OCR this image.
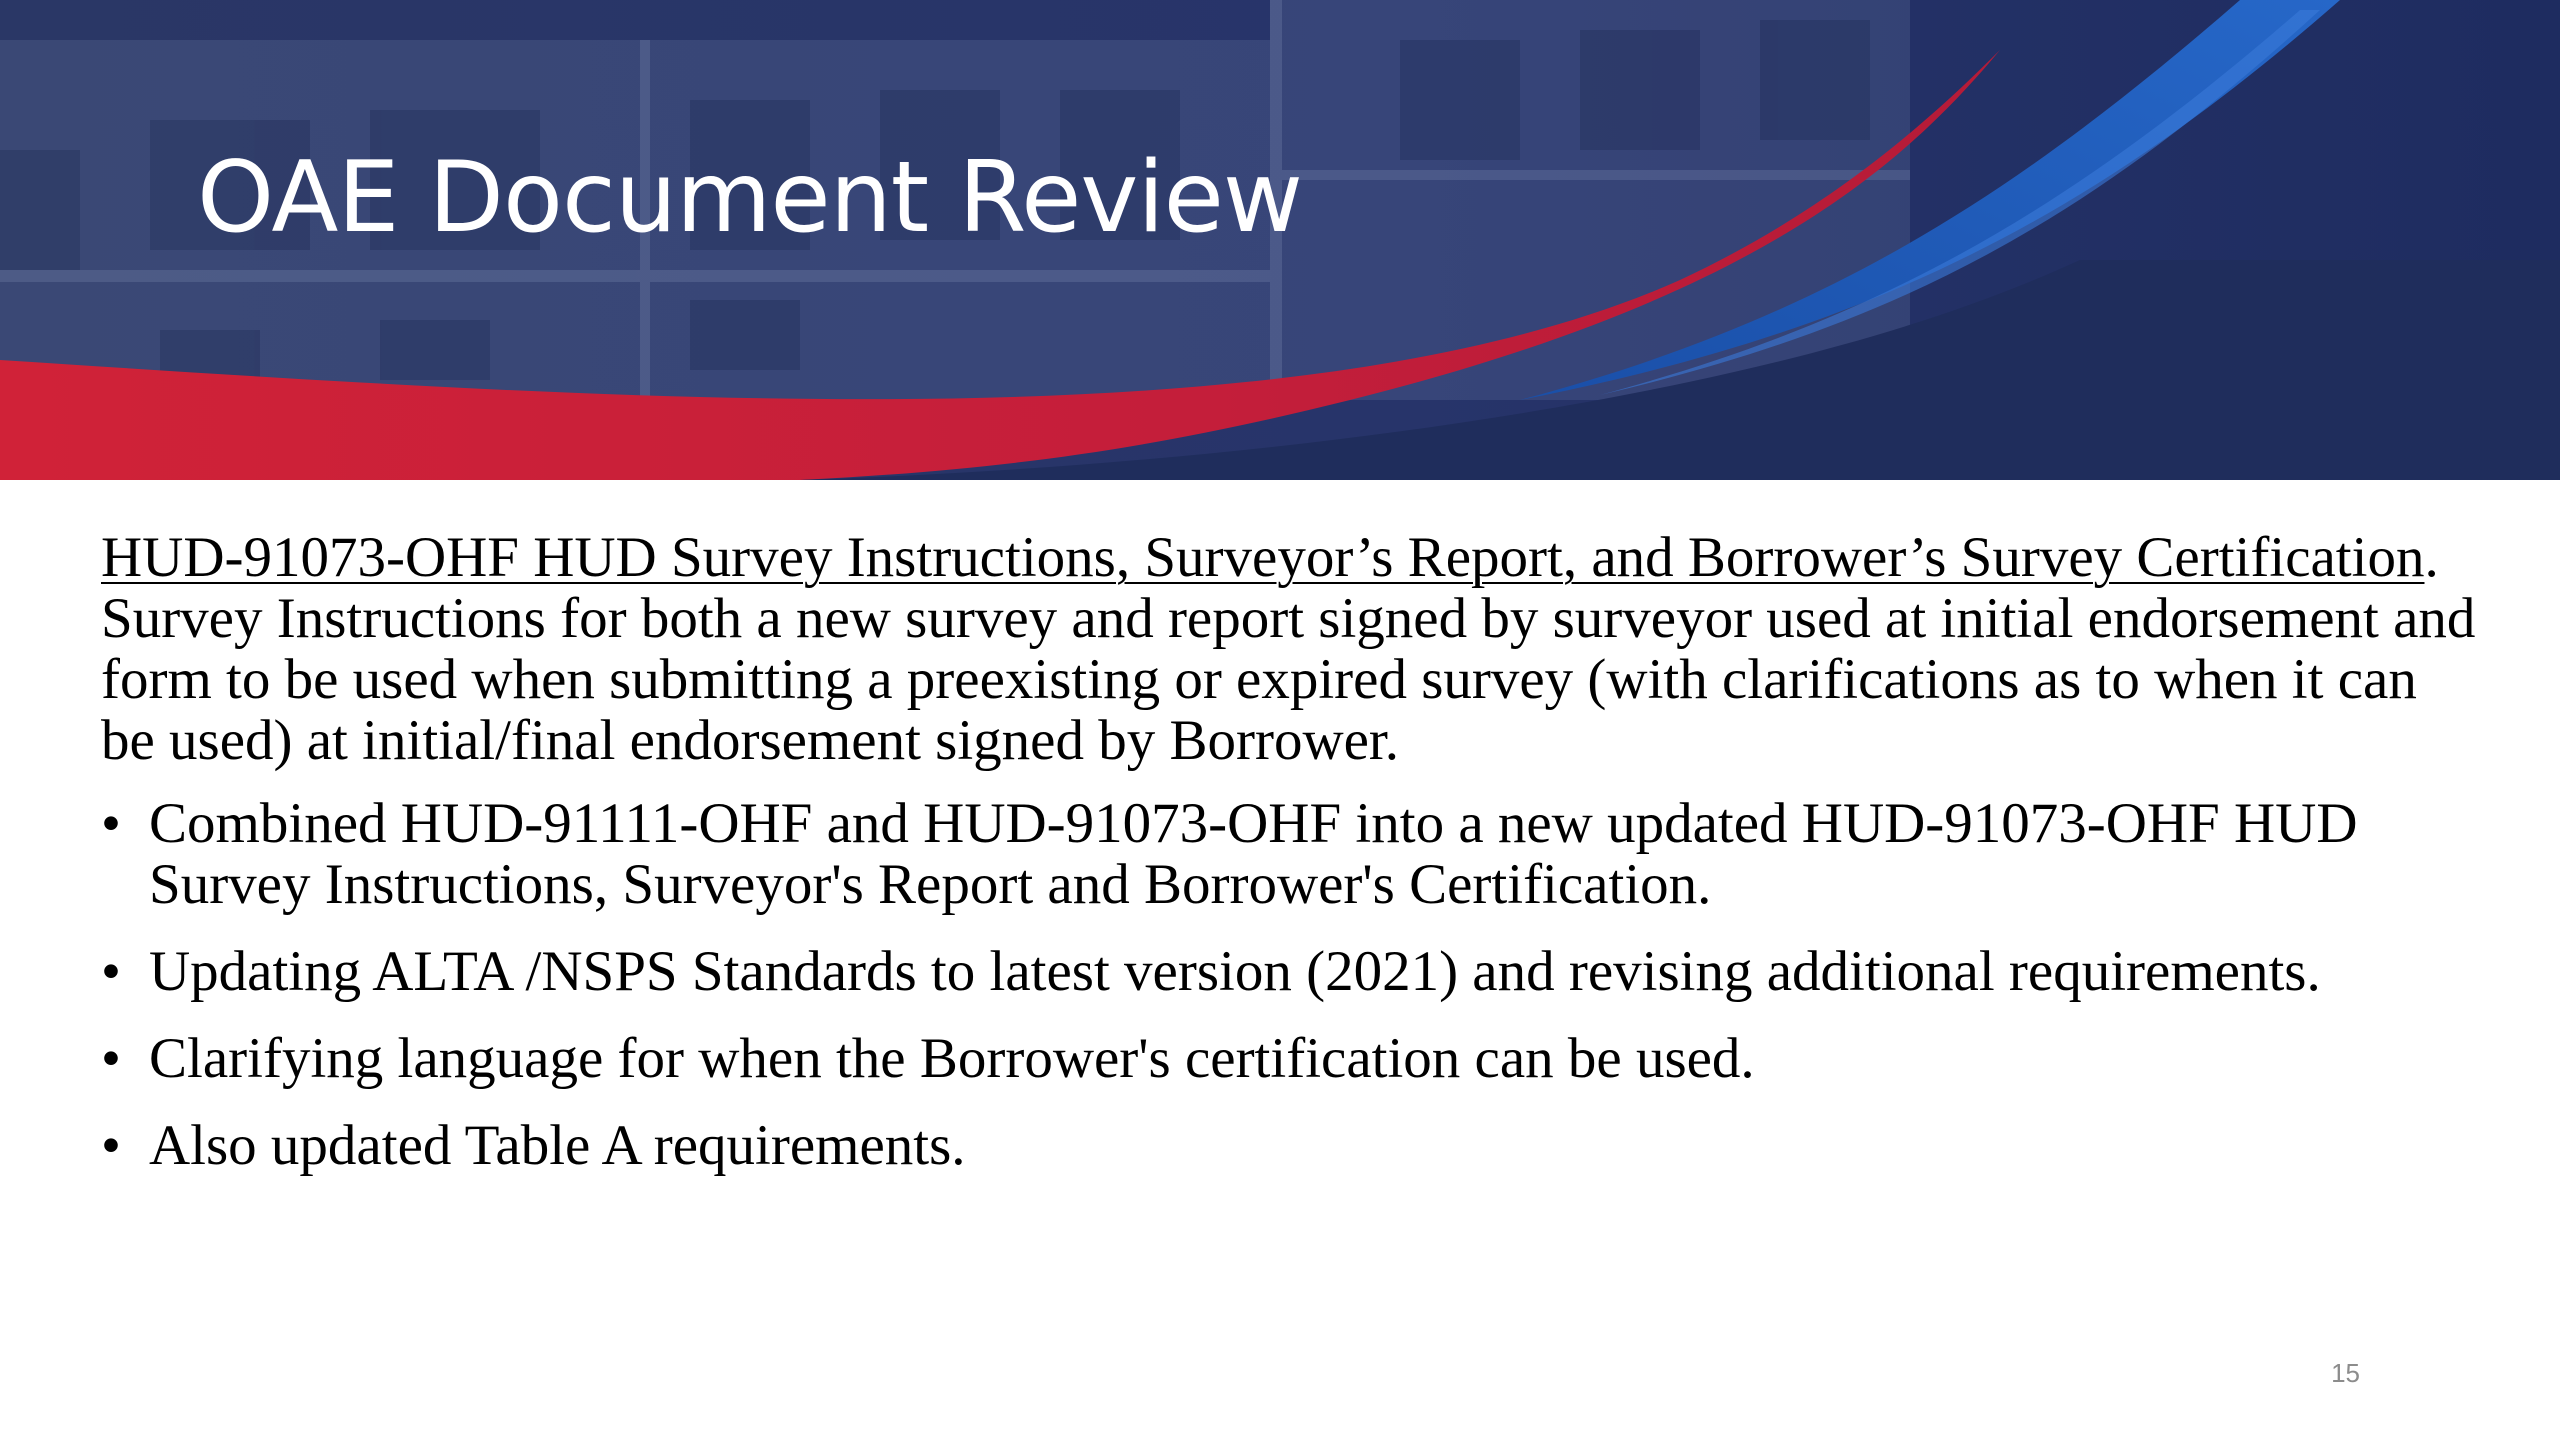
OAE Document Review

HUD-91073-OHF HUD Survey Instructions, Surveyor’s Report, and Borrower’s Survey Certification. Survey Instructions for both a new survey and report signed by surveyor used at initial endorsement and form to be used when submitting a preexisting or expired survey (with clarifications as to when it can be used) at initial/final endorsement signed by Borrower.

• Combined HUD-91111-OHF and HUD-91073-OHF into a new updated HUD-91073-OHF HUD Survey Instructions, Surveyor's Report and Borrower's Certification.
• Updating ALTA /NSPS Standards to latest version (2021) and revising additional requirements.
• Clarifying language for when the Borrower's certification can be used.
• Also updated Table A requirements.
15
